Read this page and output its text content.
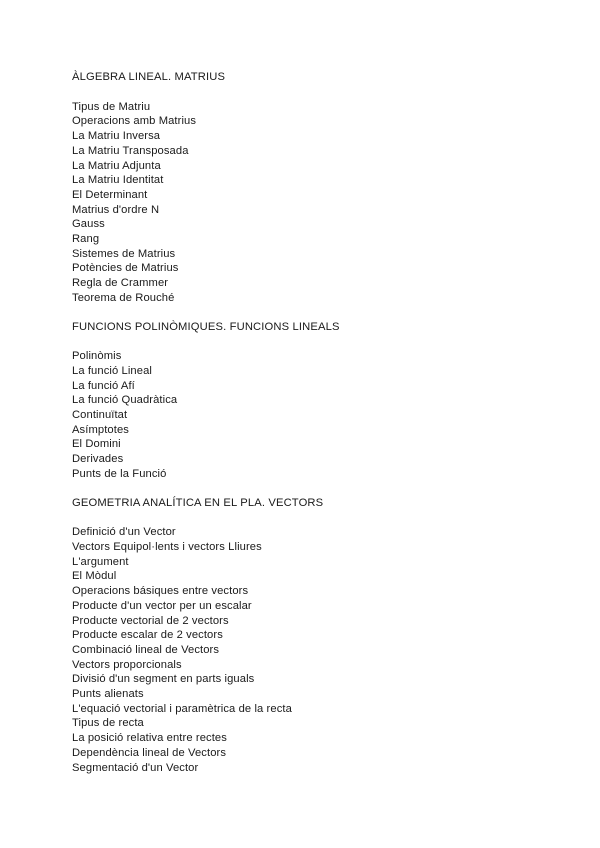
ÀLGEBRA LINEAL. MATRIUS
Tipus de Matriu
Operacions amb Matrius
La Matriu Inversa
La Matriu Transposada
La Matriu Adjunta
La Matriu Identitat
El Determinant
Matrius d'ordre N
Gauss
Rang
Sistemes de Matrius
Potències de Matrius
Regla de Crammer
Teorema de Rouché
FUNCIONS POLINÒMIQUES. FUNCIONS LINEALS
Polinòmis
La funció Lineal
La funció Afí
La funció Quadràtica
Continuïtat
Asímptotes
El Domini
Derivades
Punts de la Funció
GEOMETRIA ANALÍTICA EN EL PLA. VECTORS
Definició d'un Vector
Vectors Equipol·lents i vectors Lliures
L'argument
El Mòdul
Operacions básiques entre vectors
Producte d'un vector per un escalar
Producte vectorial de 2 vectors
Producte escalar de 2 vectors
Combinació lineal de Vectors
Vectors proporcionals
Divisió d'un segment en parts iguals
Punts alienats
L'equació vectorial i paramètrica de la recta
Tipus de recta
La posició relativa entre rectes
Dependència lineal de Vectors
Segmentació d'un Vector
